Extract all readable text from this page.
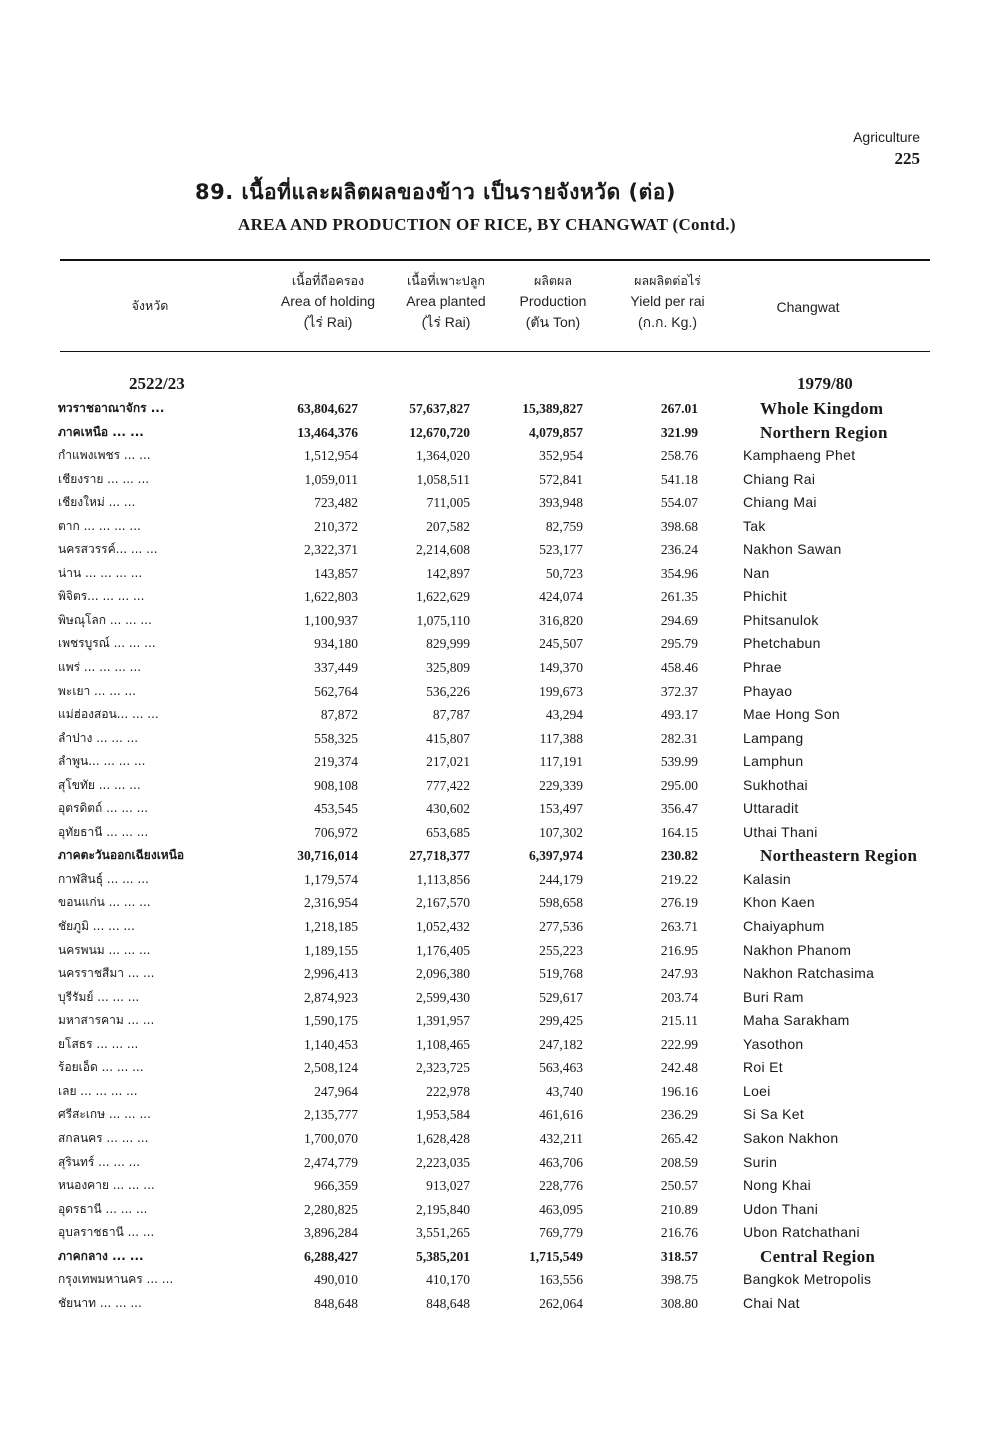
Agriculture
225
89. เนื้อที่และผลิตผลของข้าว เป็นรายจังหวัด (ต่อ)
AREA AND PRODUCTION OF RICE, BY CHANGWAT (Contd.)
จังหวัด
เนื้อที่ถือครอง
Area of holding
(ไร่ Rai)
เนื้อที่เพาะปลูก
Area planted
(ไร่ Rai)
ผลิตผล
Production
(ตัน Ton)
ผลผลิตต่อไร่
Yield per rai
(ก.ก. Kg.)
Changwat
2522/23	1979/80
ทวราชอาณาจักร ...	63,804,627	57,637,827	15,389,827	267.01	Whole Kingdom
ภาคเหนือ ... ...	13,464,376	12,670,720	4,079,857	321.99	Northern Region
กำแพงเพชร ... ...	1,512,954	1,364,020	352,954	258.76	Kamphaeng Phet
เชียงราย ... ... ...	1,059,011	1,058,511	572,841	541.18	Chiang Rai
เชียงใหม่ ... ...	723,482	711,005	393,948	554.07	Chiang Mai
ตาก ... ... ... ...	210,372	207,582	82,759	398.68	Tak
นครสวรรค์... ... ...	2,322,371	2,214,608	523,177	236.24	Nakhon Sawan
น่าน ... ... ... ...	143,857	142,897	50,723	354.96	Nan
พิจิตร... ... ... ...	1,622,803	1,622,629	424,074	261.35	Phichit
พิษณุโลก ... ... ...	1,100,937	1,075,110	316,820	294.69	Phitsanulok
เพชรบูรณ์ ... ... ...	934,180	829,999	245,507	295.79	Phetchabun
แพร่ ... ... ... ...	337,449	325,809	149,370	458.46	Phrae
พะเยา ... ... ...	562,764	536,226	199,673	372.37	Phayao
แม่ฮ่องสอน... ... ...	87,872	87,787	43,294	493.17	Mae Hong Son
ลำปาง ... ... ...	558,325	415,807	117,388	282.31	Lampang
ลำพูน... ... ... ...	219,374	217,021	117,191	539.99	Lamphun
สุโขทัย ... ... ...	908,108	777,422	229,339	295.00	Sukhothai
อุตรดิตถ์ ... ... ...	453,545	430,602	153,497	356.47	Uttaradit
อุทัยธานี ... ... ...	706,972	653,685	107,302	164.15	Uthai Thani
ภาคตะวันออกเฉียงเหนือ	30,716,014	27,718,377	6,397,974	230.82	Northeastern Region
กาฬสินธุ์ ... ... ...	1,179,574	1,113,856	244,179	219.22	Kalasin
ขอนแก่น ... ... ...	2,316,954	2,167,570	598,658	276.19	Khon Kaen
ชัยภูมิ ... ... ...	1,218,185	1,052,432	277,536	263.71	Chaiyaphum
นครพนม ... ... ...	1,189,155	1,176,405	255,223	216.95	Nakhon Phanom
นครราชสีมา ... ...	2,996,413	2,096,380	519,768	247.93	Nakhon Ratchasima
บุรีรัมย์ ... ... ...	2,874,923	2,599,430	529,617	203.74	Buri Ram
มหาสารคาม ... ...	1,590,175	1,391,957	299,425	215.11	Maha Sarakham
ยโสธร ... ... ...	1,140,453	1,108,465	247,182	222.99	Yasothon
ร้อยเอ็ด ... ... ...	2,508,124	2,323,725	563,463	242.48	Roi Et
เลย ... ... ... ...	247,964	222,978	43,740	196.16	Loei
ศรีสะเกษ ... ... ...	2,135,777	1,953,584	461,616	236.29	Si Sa Ket
สกลนคร ... ... ...	1,700,070	1,628,428	432,211	265.42	Sakon Nakhon
สุรินทร์ ... ... ...	2,474,779	2,223,035	463,706	208.59	Surin
หนองคาย ... ... ...	966,359	913,027	228,776	250.57	Nong Khai
อุดรธานี ... ... ...	2,280,825	2,195,840	463,095	210.89	Udon Thani
อุบลราชธานี ... ...	3,896,284	3,551,265	769,779	216.76	Ubon Ratchathani
ภาคกลาง ... ...	6,288,427	5,385,201	1,715,549	318.57	Central Region
กรุงเทพมหานคร ... ...	490,010	410,170	163,556	398.75	Bangkok Metropolis
ชัยนาท ... ... ...	848,648	848,648	262,064	308.80	Chai Nat
